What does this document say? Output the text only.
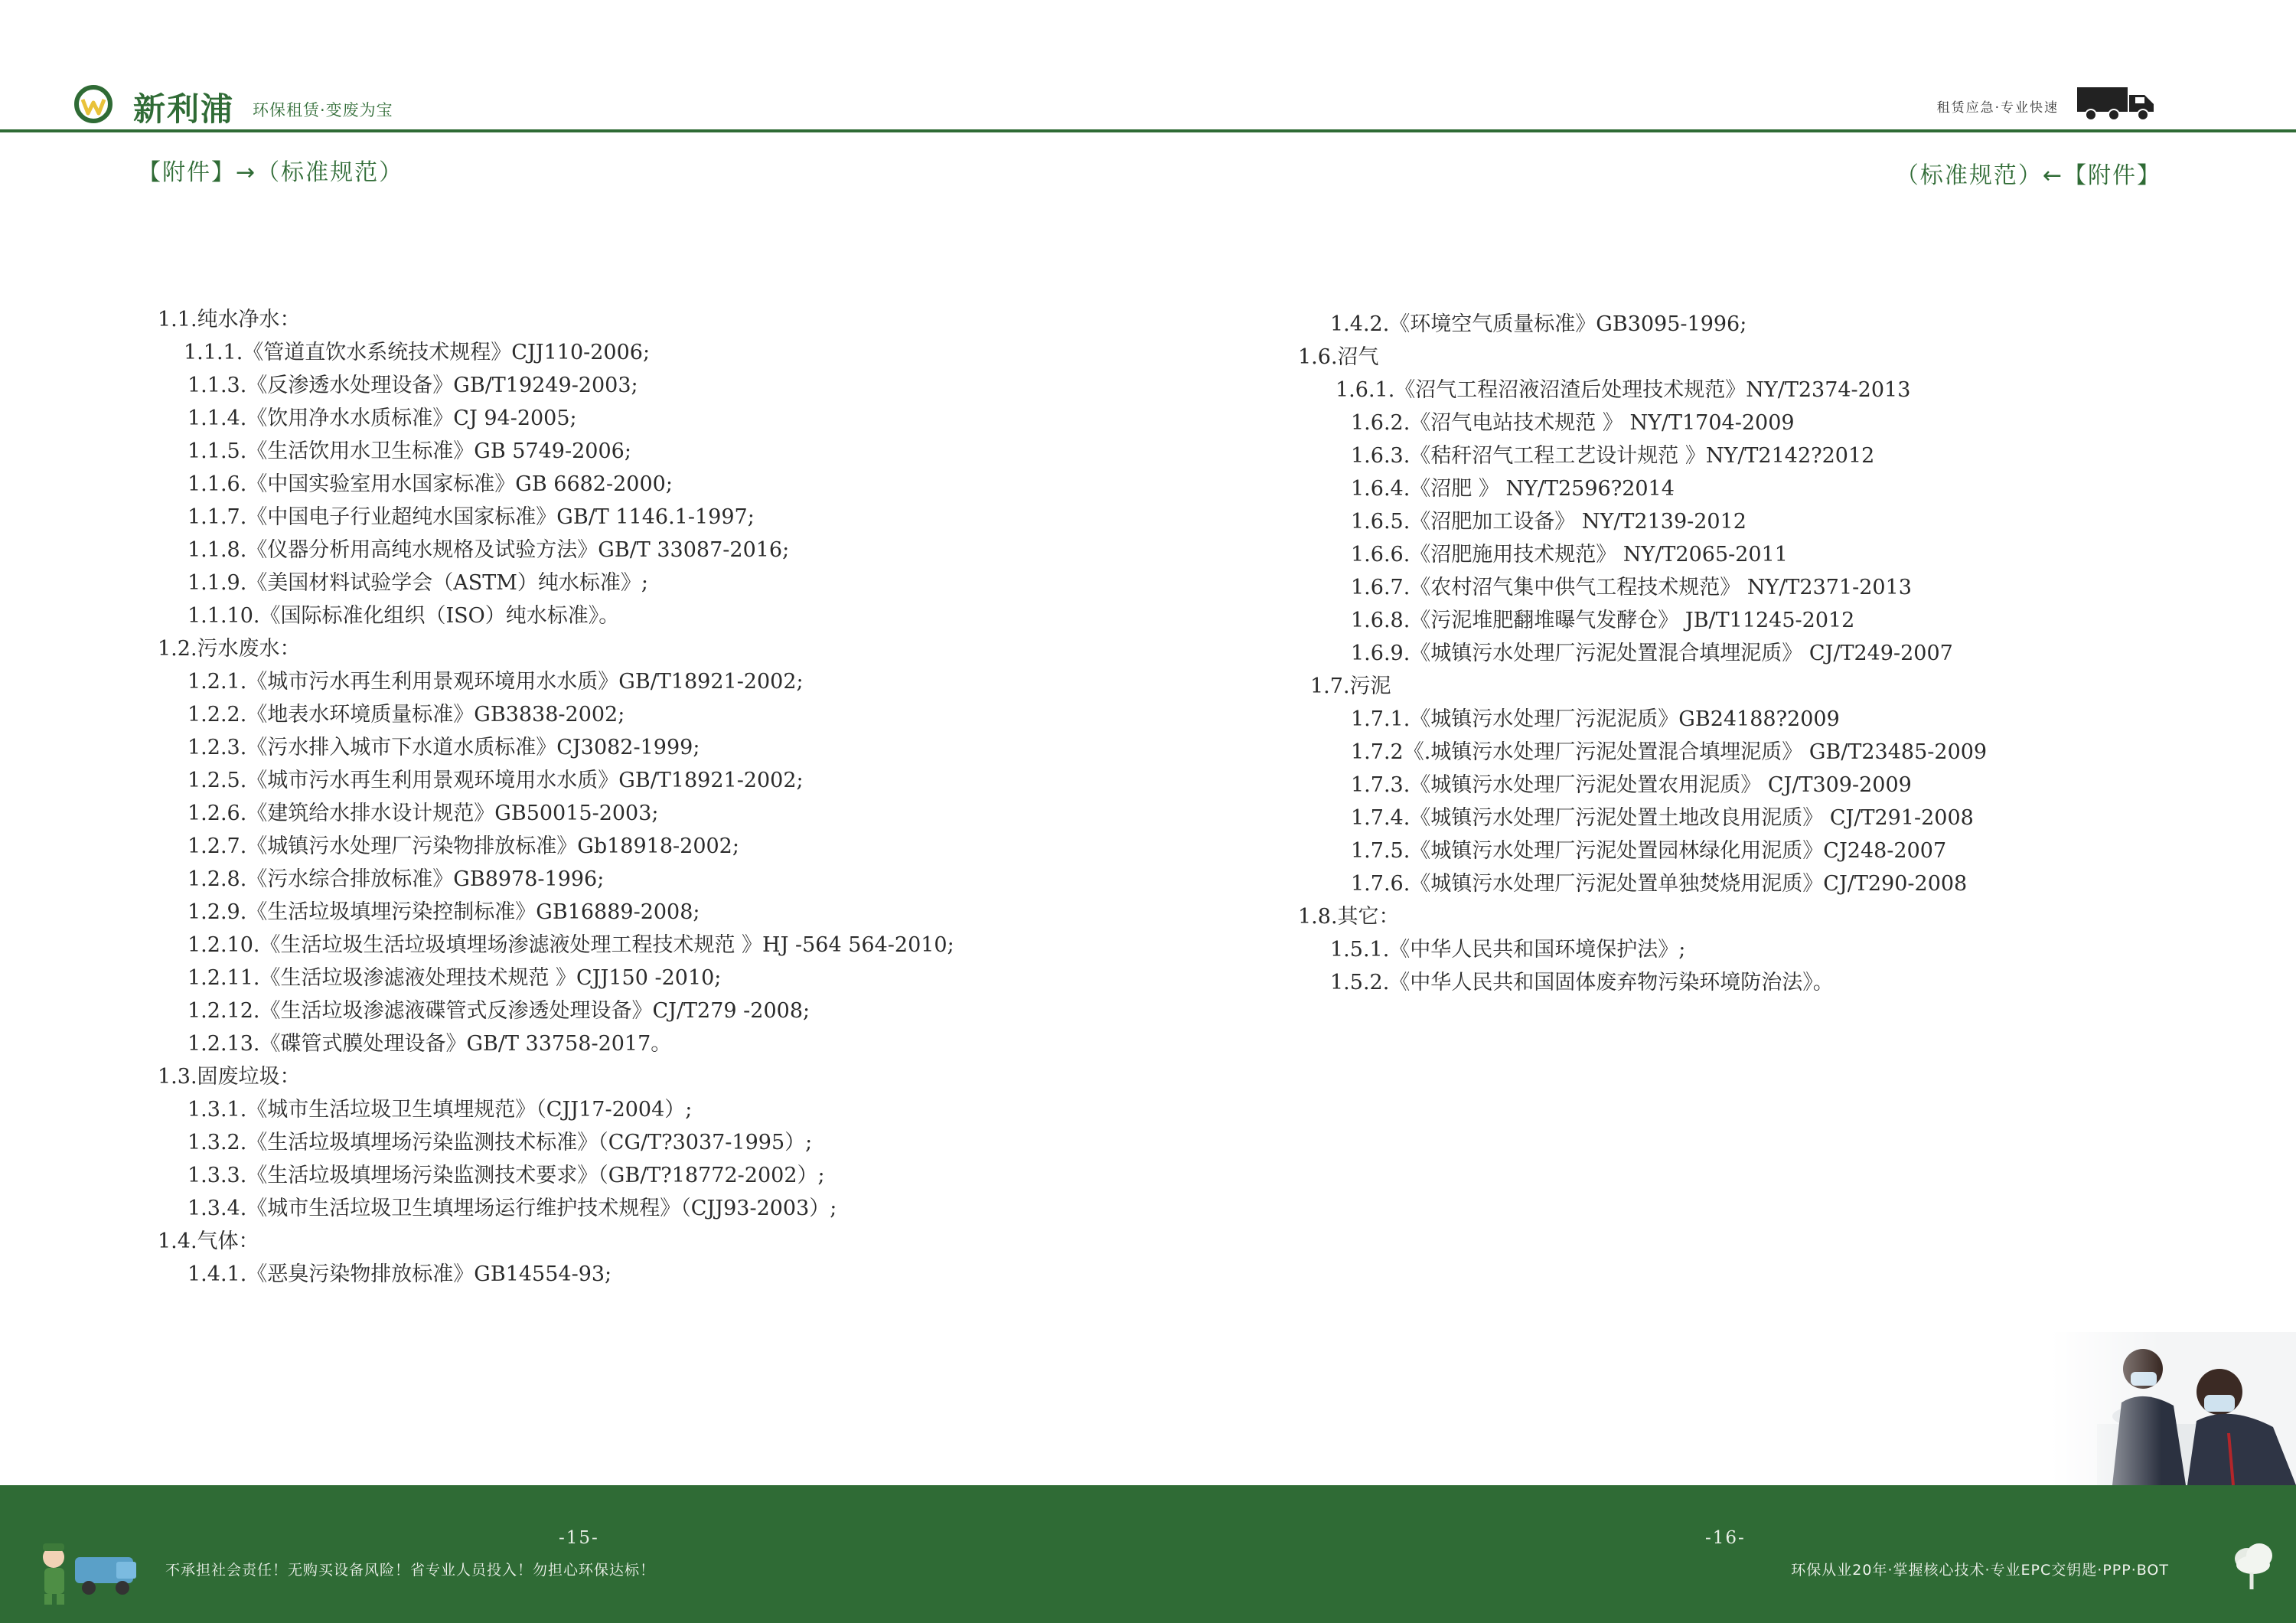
新利浦 环保租赁·变废为宝	租赁应急·专业快速
【附件】→（标准规范）	（标准规范）←【附件】
1.1.纯水净水：
1.1.1.《管道直饮水系统技术规程》CJJ110-2006;
1.1.3.《反渗透水处理设备》GB/T19249-2003;
1.1.4.《饮用净水水质标准》CJ 94-2005;
1.1.5.《生活饮用水卫生标准》GB 5749-2006;
1.1.6.《中国实验室用水国家标准》GB 6682-2000;
1.1.7.《中国电子行业超纯水国家标准》GB/T 1146.1-1997;
1.1.8.《仪器分析用高纯水规格及试验方法》GB/T 33087-2016;
1.1.9.《美国材料试验学会（ASTM）纯水标准》;
1.1.10.《国际标准化组织（ISO）纯水标准》。
1.2.污水废水：
1.2.1.《城市污水再生利用景观环境用水水质》GB/T18921-2002;
1.2.2.《地表水环境质量标准》GB3838-2002;
1.2.3.《污水排入城市下水道水质标准》CJ3082-1999;
1.2.5.《城市污水再生利用景观环境用水水质》GB/T18921-2002;
1.2.6.《建筑给水排水设计规范》GB50015-2003;
1.2.7.《城镇污水处理厂污染物排放标准》Gb18918-2002;
1.2.8.《污水综合排放标准》GB8978-1996;
1.2.9.《生活垃圾填埋污染控制标准》GB16889-2008;
1.2.10.《生活垃圾生活垃圾填埋场渗滤液处理工程技术规范 》HJ -564 564-2010;
1.2.11.《生活垃圾渗滤液处理技术规范 》CJJ150 -2010;
1.2.12.《生活垃圾渗滤液碟管式反渗透处理设备》CJ/T279 -2008;
1.2.13.《碟管式膜处理设备》GB/T 33758-2017。
1.3.固废垃圾：
1.3.1.《城市生活垃圾卫生填埋规范》（CJJ17-2004）;
1.3.2.《生活垃圾填埋场污染监测技术标准》（CG/T?3037-1995）;
1.3.3.《生活垃圾填埋场污染监测技术要求》（GB/T?18772-2002）;
1.3.4.《城市生活垃圾卫生填埋场运行维护技术规程》（CJJ93-2003）;
1.4.气体：
1.4.1.《恶臭污染物排放标准》GB14554-93;
1.4.2.《环境空气质量标准》GB3095-1996;
1.6.沼气
1.6.1.《沼气工程沼液沼渣后处理技术规范》NY/T2374-2013
1.6.2.《沼气电站技术规范 》 NY/T1704-2009
1.6.3.《秸秆沼气工程工艺设计规范 》NY/T2142?2012
1.6.4.《沼肥 》 NY/T2596?2014
1.6.5.《沼肥加工设备》 NY/T2139-2012
1.6.6.《沼肥施用技术规范》 NY/T2065-2011
1.6.7.《农村沼气集中供气工程技术规范》 NY/T2371-2013
1.6.8.《污泥堆肥翻堆曝气发酵仓》 JB/T11245-2012
1.6.9.《城镇污水处理厂污泥处置混合填埋泥质》 CJ/T249-2007
1.7.污泥
1.7.1.《城镇污水处理厂污泥泥质》GB24188?2009
1.7.2《.城镇污水处理厂污泥处置混合填埋泥质》 GB/T23485-2009
1.7.3.《城镇污水处理厂污泥处置农用泥质》 CJ/T309-2009
1.7.4.《城镇污水处理厂污泥处置土地改良用泥质》 CJ/T291-2008
1.7.5.《城镇污水处理厂污泥处置园林绿化用泥质》CJ248-2007
1.7.6.《城镇污水处理厂污泥处置单独焚烧用泥质》CJ/T290-2008
1.8.其它：
1.5.1.《中华人民共和国环境保护法》;
1.5.2.《中华人民共和国固体废弃物污染环境防治法》。
-15-	-16-
不承担社会责任！无购买设备风险！省专业人员投入！勿担心环保达标！	环保从业20年·掌握核心技术·专业EPC交钥匙·PPP·BOT
